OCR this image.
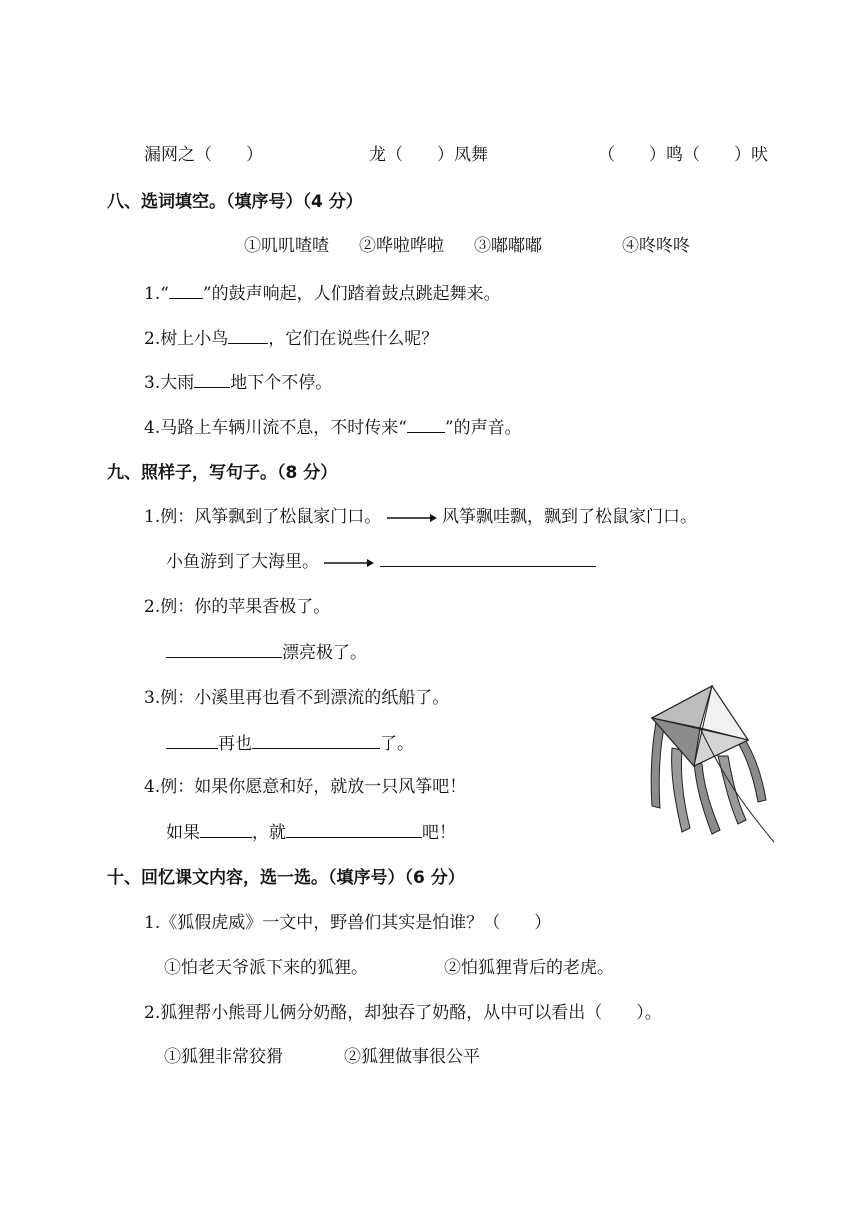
漏网之（　　）	龙（　　）凤舞	（　　）鸣（　　）吠
八、选词填空。（填序号）（4 分）
①叽叽喳喳 ②哗啦哗啦 ③嘟嘟嘟	④咚咚咚
1.“ ”的鼓声响起，人们踏着鼓点跳起舞来。
2.树上小鸟 ，它们在说些什么呢？
3.大雨 地下个不停。
4.马路上车辆川流不息，不时传来“ ”的声音。
九、照样子，写句子。（8 分）
1.例：风筝飘到了松鼠家门口。	风筝飘哇飘，飘到了松鼠家门口。
小鱼游到了大海里。
2.例：你的苹果香极了。
漂亮极了。
3.例：小溪里再也看不到漂流的纸船了。
再也	了。
4.例：如果你愿意和好，就放一只风筝吧！
如果	，就	吧！
十、回忆课文内容，选一选。（填序号）（6 分）
1.《狐假虎威》一文中，野兽们其实是怕谁？（　　）
①怕老天爷派下来的狐狸。	②怕狐狸背后的老虎。
2.狐狸帮小熊哥儿俩分奶酪，却独吞了奶酪，从中可以看出（　　）。
①狐狸非常狡猾	②狐狸做事很公平
